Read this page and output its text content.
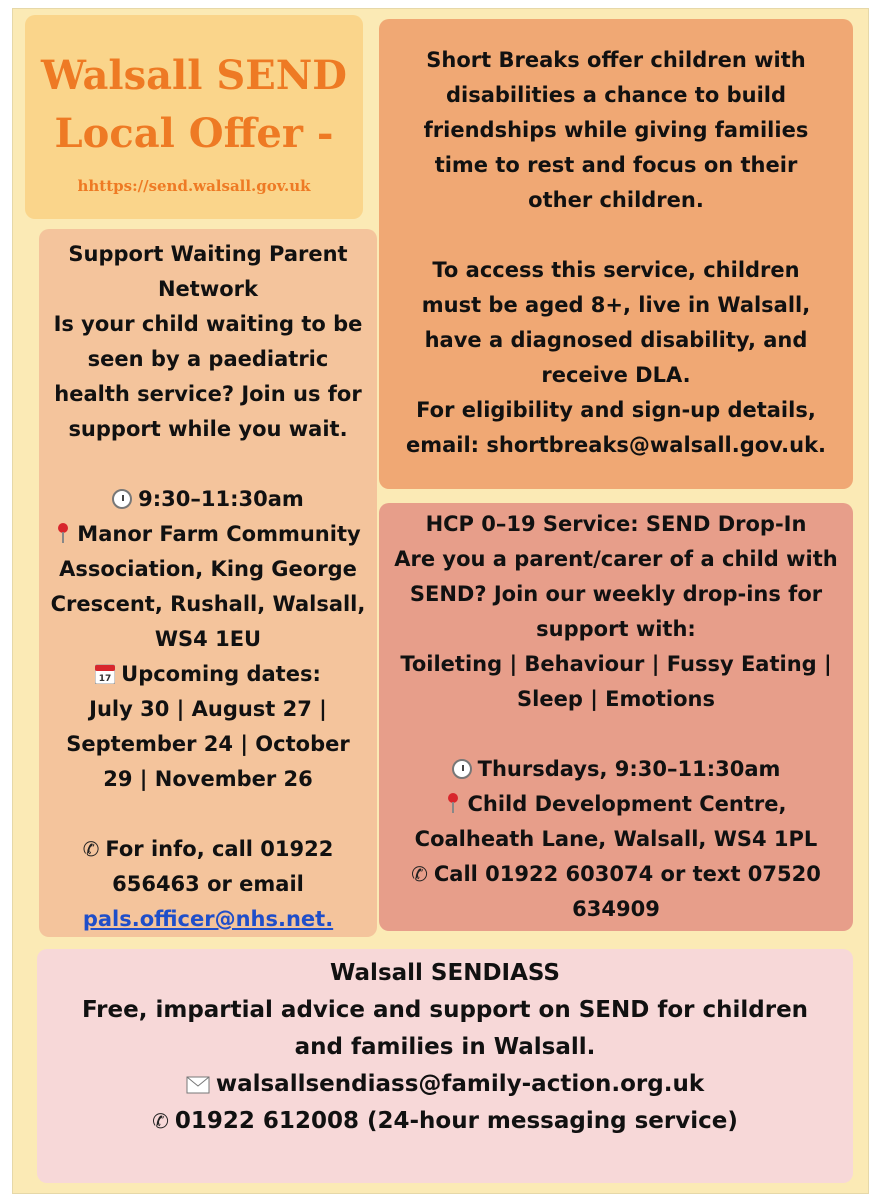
Walsall SEND
Local Offer -
hhttps://send.walsall.gov.uk
Support Waiting Parent
Network
Is your child waiting to be
seen by a paediatric
health service? Join us for
support while you wait.
9:30–11:30am
Manor Farm Community
Association, King George
Crescent, Rushall, Walsall,
WS4 1EU
17 Upcoming dates:
July 30 | August 27 |
September 24 | October
29 | November 26
✆ For info, call 01922
656463 or email
pals.officer@nhs.net.
Short Breaks offer children with
disabilities a chance to build
friendships while giving families
time to rest and focus on their
other children.
To access this service, children
must be aged 8+, live in Walsall,
have a diagnosed disability, and
receive DLA.
For eligibility and sign-up details,
email: shortbreaks@walsall.gov.uk.
HCP 0–19 Service: SEND Drop-In
Are you a parent/carer of a child with
SEND? Join our weekly drop-ins for
support with:
Toileting | Behaviour | Fussy Eating |
Sleep | Emotions
Thursdays, 9:30–11:30am
Child Development Centre,
Coalheath Lane, Walsall, WS4 1PL
✆ Call 01922 603074 or text 07520
634909
Walsall SENDIASS
Free, impartial advice and support on SEND for children
and families in Walsall.
walsallsendiass@family-action.org.uk
✆ 01922 612008 (24-hour messaging service)
